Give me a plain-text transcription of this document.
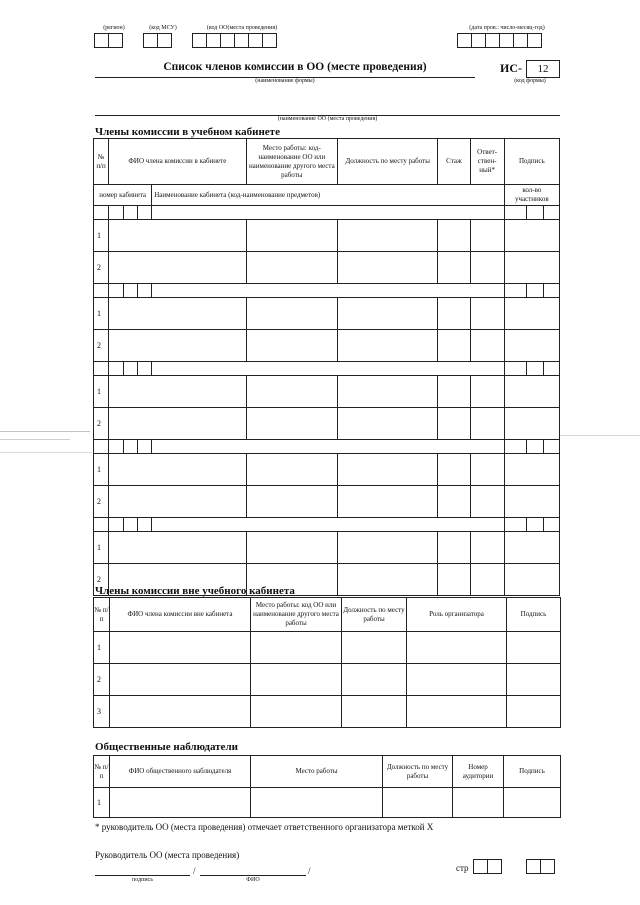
(регион)	(код МСУ)	(код ОО(места проведения)	(дата пров.: число-месяц-год)
Список членов комиссии в ОО (месте проведения)
(наименование формы)
ИС-	12
(код формы)
(наименование ОО (места проведения)
Члены комиссии в учебном кабинете
№ п/п	ФИО члена комиссии в кабинете				Место работы: код-наименование ОО или наименование другого места работы	Должность по месту работы	Стаж	Ответ-ствен-ный*	Подпись		
номер кабинета				Наименование кабинета (код-наименование предметов)					кол-во участников		

1											
2											

1											
2											

1											
2											

1											
2											

1											
2											
Члены комиссии вне учебного кабинета
№ п/п	ФИО члена комиссии вне кабинета	Место работы: код ОО или наименование другого места работы	Должность по месту работы	Роль организатора	Подпись
1					
2					
3					
Общественные наблюдатели
№ п/п	ФИО общественного наблюдателя	Место работы	Должность по месту работы	Номер аудитории	Подпись
1					
* руководитель ОО (места проведения) отмечает ответственного организатора меткой Х
Руководитель ОО (места проведения)
/	/
подпись	ФИО
стр
